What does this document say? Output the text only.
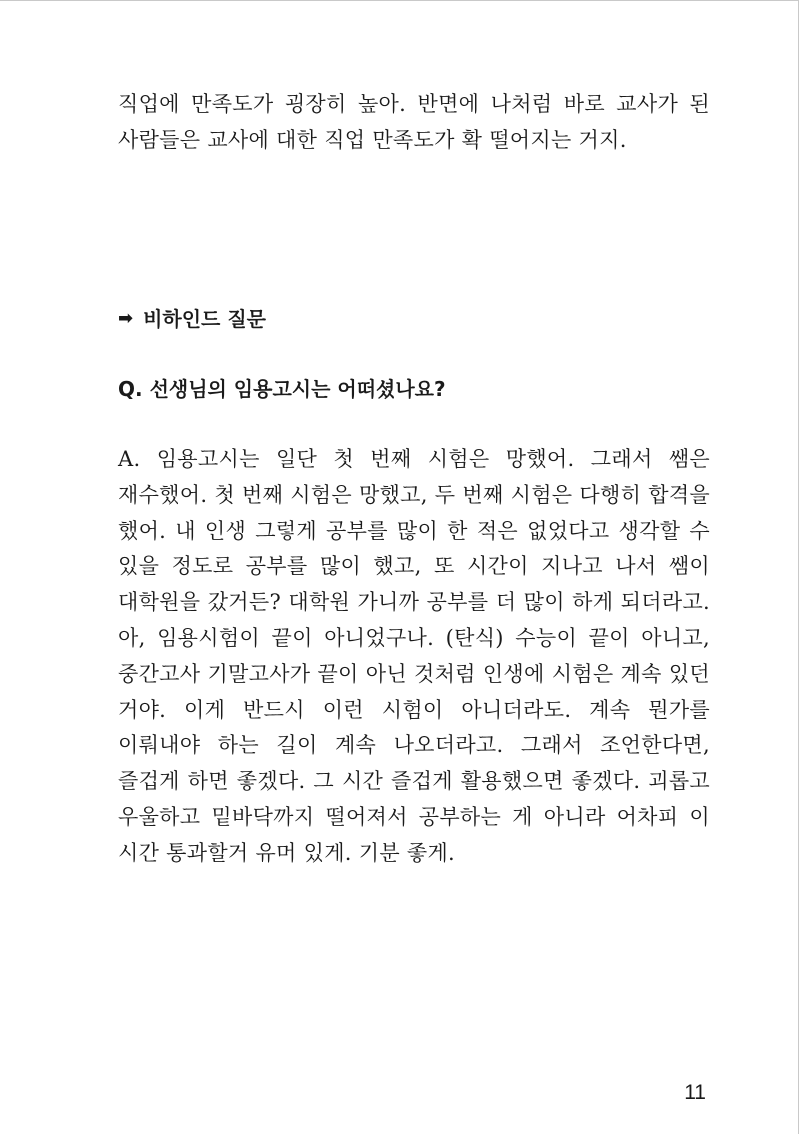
직업에 만족도가 굉장히 높아. 반면에 나처럼 바로 교사가 된 사람들은 교사에 대한 직업 만족도가 확 떨어지는 거지.

➡ 비하인드 질문
Q. 선생님의 임용고시는 어떠셨나요?

A. 임용고시는 일단 첫 번째 시험은 망했어. 그래서 쌤은 재수했어. 첫 번째 시험은 망했고, 두 번째 시험은 다행히 합격을 했어. 내 인생 그렇게 공부를 많이 한 적은 없었다고 생각할 수 있을 정도로 공부를 많이 했고, 또 시간이 지나고 나서 쌤이 대학원을 갔거든? 대학원 가니까 공부를 더 많이 하게 되더라고. 아, 임용시험이 끝이 아니었구나. (탄식) 수능이 끝이 아니고, 중간고사 기말고사가 끝이 아닌 것처럼 인생에 시험은 계속 있던 거야. 이게 반드시 이런 시험이 아니더라도. 계속 뭔가를 이뤄내야 하는 길이 계속 나오더라고. 그래서 조언한다면, 즐겁게 하면 좋겠다. 그 시간 즐겁게 활용했으면 좋겠다. 괴롭고 우울하고 밑바닥까지 떨어져서 공부하는 게 아니라 어차피 이 시간 통과할거 유머 있게. 기분 좋게.

11
